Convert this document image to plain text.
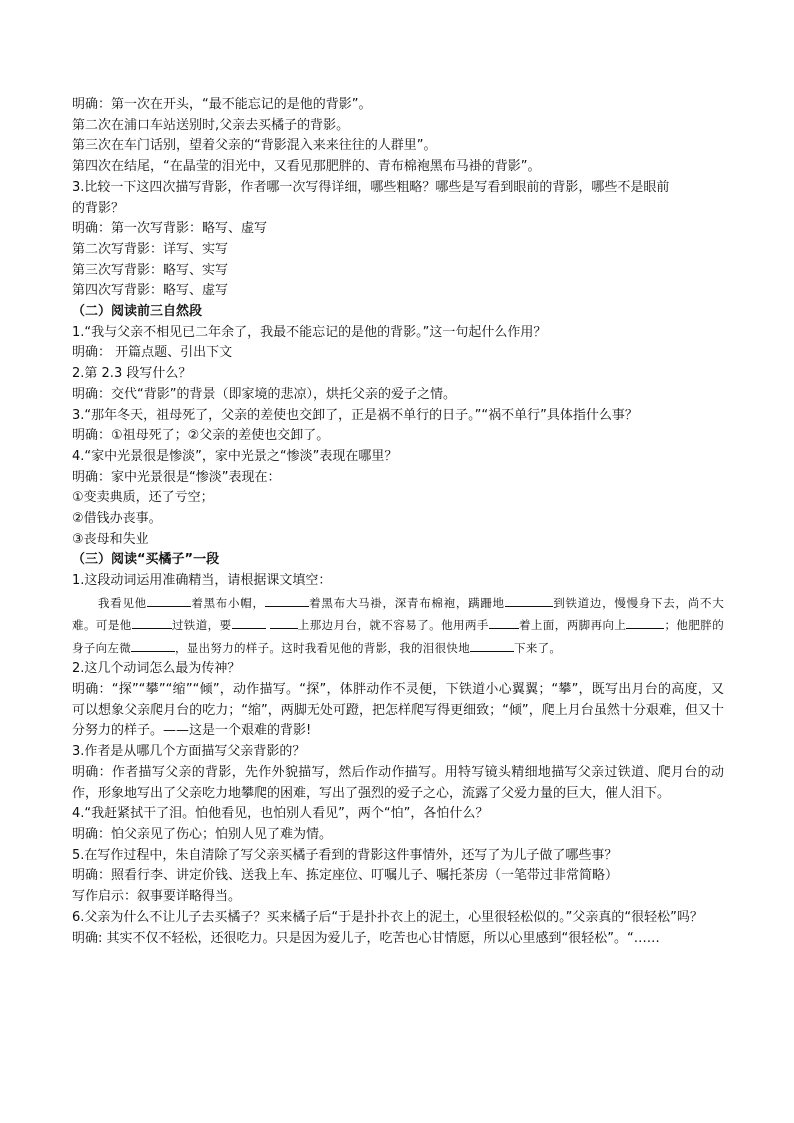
明确：第一次在开头，“最不能忘记的是他的背影”。
第二次在浦口车站送别时,父亲去买橘子的背影。
第三次在车门话别，望着父亲的“背影混入来来往往的人群里”。
第四次在结尾，“在晶莹的泪光中，又看见那肥胖的、青布棉袍黑布马褂的背影”。
3.比较一下这四次描写背影，作者哪一次写得详细，哪些粗略？哪些是写看到眼前的背影，哪些不是眼前
的背影？
明确：第一次写背影：略写、虚写
第二次写背影：详写、实写
第三次写背影：略写、实写
第四次写背影：略写、虚写
（二）阅读前三自然段
1.“我与父亲不相见已二年余了，我最不能忘记的是他的背影。”这一句起什么作用？
明确： 开篇点题、引出下文
2.第 2.3 段写什么？
明确：交代“背影”的背景（即家境的悲凉），烘托父亲的爱子之情。
3.“那年冬天，祖母死了，父亲的差使也交卸了，正是祸不单行的日子。”“祸不单行”具体指什么事？
明确：①祖母死了；②父亲的差使也交卸了。
4.“家中光景很是惨淡”，家中光景之“惨淡”表现在哪里？
明确：家中光景很是“惨淡”表现在：
①变卖典质，还了亏空；
②借钱办丧事。
③丧母和失业
（三）阅读“买橘子”一段
1.这段动词运用准确精当，请根据课文填空：
我看见他	着黑布小帽，	着黑布大马褂，深青布棉袍，蹒跚地	到铁道边，慢慢身下去，尚不大难。可是他	过铁道，要	上那边月台，就不容易了。他用两手	着上面，两脚再向上	；他肥胖的身子向左微	，显出努力的样子。这时我看见他的背影，我的泪很快地	下来了。
2.这几个动词怎么最为传神？
明确：“探”“攀”“缩”“倾”，动作描写。“探”，体胖动作不灵便，下铁道小心翼翼；“攀”，既写出月台的高度，又可以想象父亲爬月台的吃力；“缩”，两脚无处可蹬，把怎样爬写得更细致；“倾”，爬上月台虽然十分艰难，但又十分努力的样子。——这是一个艰难的背影!
3.作者是从哪几个方面描写父亲背影的？
明确：作者描写父亲的背影，先作外貌描写，然后作动作描写。用特写镜头精细地描写父亲过铁道、爬月台的动作，形象地写出了父亲吃力地攀爬的困难，写出了强烈的爱子之心，流露了父爱力量的巨大，催人泪下。
4.“我赶紧拭干了泪。怕他看见，也怕别人看见”，两个“怕”，各怕什么？
明确：怕父亲见了伤心；怕别人见了难为情。
5.在写作过程中，朱自清除了写父亲买橘子看到的背影这件事情外，还写了为儿子做了哪些事？
明确：照看行李、讲定价钱、送我上车、拣定座位、叮嘱儿子、嘱托茶房（一笔带过非常简略）
写作启示：叙事要详略得当。
6.父亲为什么不让儿子去买橘子？买来橘子后“于是扑扑衣上的泥土，心里很轻松似的。”父亲真的“很轻松”吗？
明确: 其实不仅不轻松，还很吃力。只是因为爱儿子，吃苦也心甘情愿，所以心里感到“很轻松”。“……
